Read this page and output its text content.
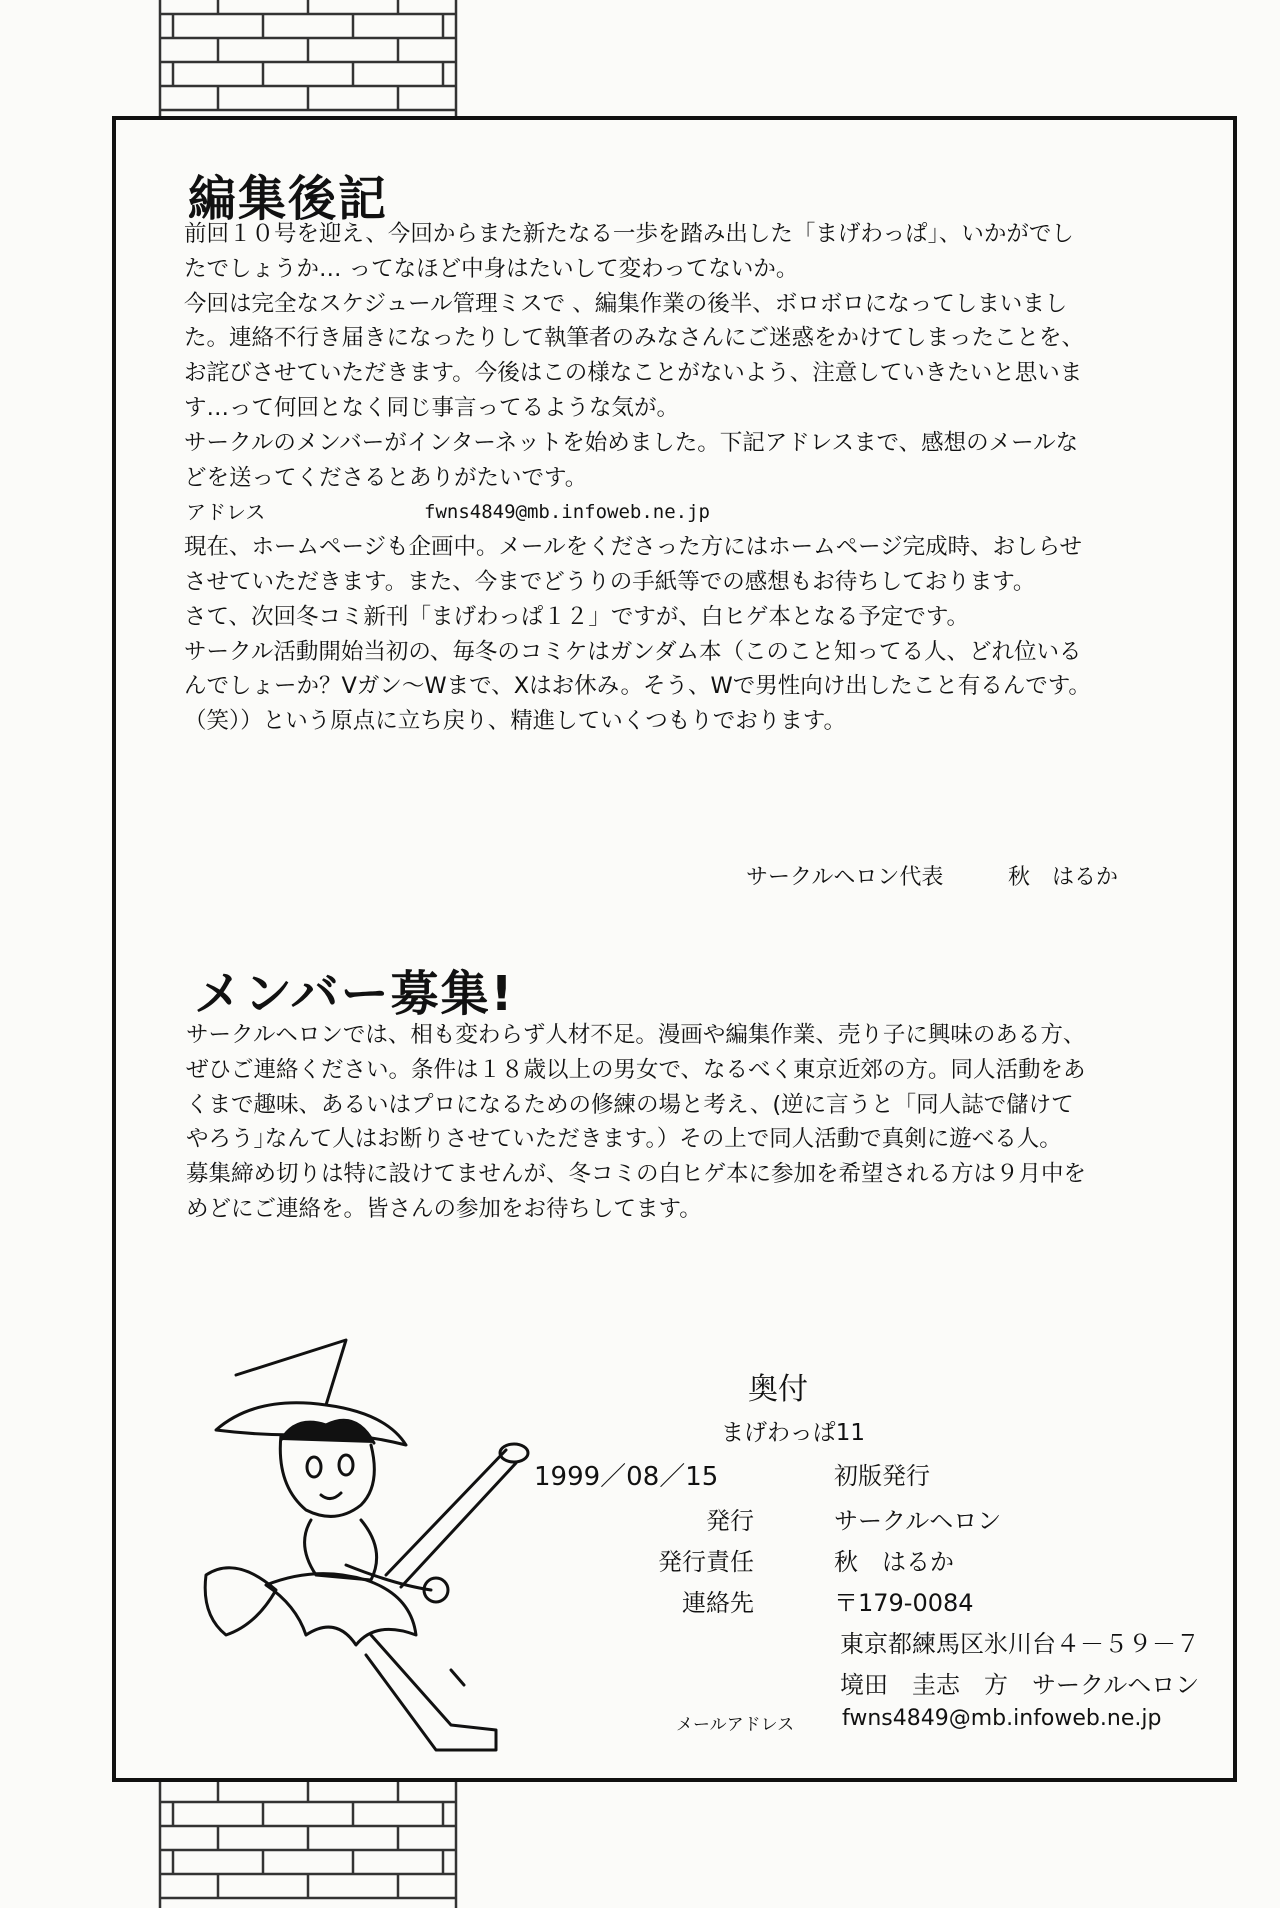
編集後記
前回１０号を迎え、今回からまた新たなる一歩を踏み出した「まげわっぱ」、いかがでし
たでしょうか… ってなほど中身はたいして変わってないか。
今回は完全なスケジュール管理ミスで 、編集作業の後半、ボロボロになってしまいまし
た。連絡不行き届きになったりして執筆者のみなさんにご迷惑をかけてしまったことを、
お詫びさせていただきます。今後はこの様なことがないよう、注意していきたいと思いま
す…って何回となく同じ事言ってるような気が。
サークルのメンバーがインターネットを始めました。下記アドレスまで、感想のメールな
どを送ってくださるとありがたいです。
アドレス	fwns4849@mb.infoweb.ne.jp
現在、ホームページも企画中。メールをくださった方にはホームページ完成時、おしらせ
させていただきます。また、今までどうりの手紙等での感想もお待ちしております。
さて、次回冬コミ新刊「まげわっぱ１２」ですが、白ヒゲ本となる予定です。
サークル活動開始当初の、毎冬のコミケはガンダム本（このこと知ってる人、どれ位いる
んでしょーか？Vガン～Wまで、Xはお休み。そう、Wで男性向け出したこと有るんです。
（笑））という原点に立ち戻り、精進していくつもりでおります。
サークルヘロン代表	秋　はるか
メンバー募集!
サークルヘロンでは、相も変わらず人材不足。漫画や編集作業、売り子に興味のある方、
ぜひご連絡ください。条件は１８歳以上の男女で、なるべく東京近郊の方。同人活動をあ
くまで趣味、あるいはプロになるための修練の場と考え、(逆に言うと「同人誌で儲けて
やろう｣なんて人はお断りさせていただきます。）その上で同人活動で真剣に遊べる人。
募集締め切りは特に設けてませんが、冬コミの白ヒゲ本に参加を希望される方は９月中を
めどにご連絡を。皆さんの参加をお待ちしてます。
奥付
まげわっぱ11
1999／08／15	初版発行
発行	サークルヘロン
発行責任	秋　はるか
連絡先	〒179-0084
東京都練馬区氷川台４－５９－７
境田　圭志　方　サークルヘロン
メールアドレス fwns4849@mb.infoweb.ne.jp
